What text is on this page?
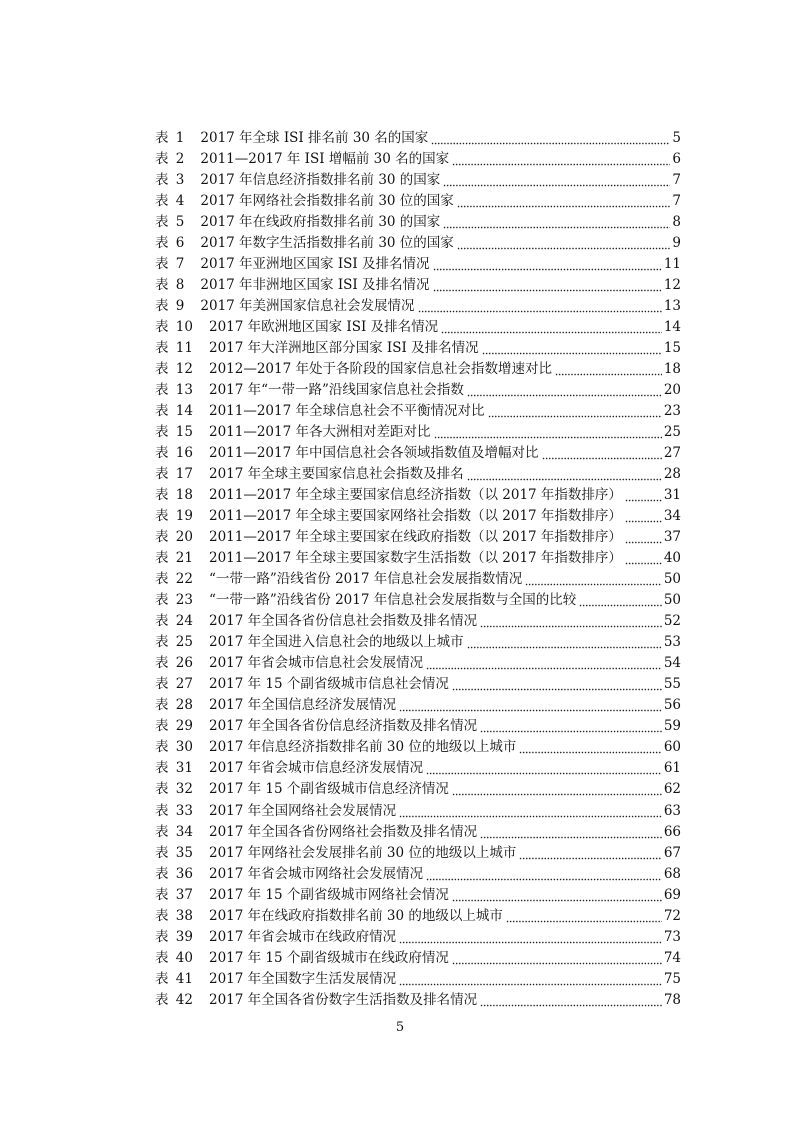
表 1 2017 年全球 ISI 排名前 30 名的国家	5
表 2 2011—2017 年 ISI 增幅前 30 名的国家	6
表 3 2017 年信息经济指数排名前 30 的国家	7
表 4 2017 年网络社会指数排名前 30 位的国家	7
表 5 2017 年在线政府指数排名前 30 的国家	8
表 6 2017 年数字生活指数排名前 30 位的国家	9
表 7 2017 年亚洲地区国家 ISI 及排名情况	11
表 8 2017 年非洲地区国家 ISI 及排名情况	12
表 9 2017 年美洲国家信息社会发展情况	13
表 10 2017 年欧洲地区国家 ISI 及排名情况	14
表 11 2017 年大洋洲地区部分国家 ISI 及排名情况	15
表 12 2012—2017 年处于各阶段的国家信息社会指数增速对比	18
表 13 2017 年“一带一路”沿线国家信息社会指数	20
表 14 2011—2017 年全球信息社会不平衡情况对比	23
表 15 2011—2017 年各大洲相对差距对比	25
表 16 2011—2017 年中国信息社会各领域指数值及增幅对比	27
表 17 2017 年全球主要国家信息社会指数及排名	28
表 18 2011—2017 年全球主要国家信息经济指数（以 2017 年指数排序）	31
表 19 2011—2017 年全球主要国家网络社会指数（以 2017 年指数排序）	34
表 20 2011—2017 年全球主要国家在线政府指数（以 2017 年指数排序）	37
表 21 2011—2017 年全球主要国家数字生活指数（以 2017 年指数排序）	40
表 22 “一带一路”沿线省份 2017 年信息社会发展指数情况	50
表 23 “一带一路”沿线省份 2017 年信息社会发展指数与全国的比较	50
表 24 2017 年全国各省份信息社会指数及排名情况	52
表 25 2017 年全国进入信息社会的地级以上城市	53
表 26 2017 年省会城市信息社会发展情况	54
表 27 2017 年 15 个副省级城市信息社会情况	55
表 28 2017 年全国信息经济发展情况	56
表 29 2017 年全国各省份信息经济指数及排名情况	59
表 30 2017 年信息经济指数排名前 30 位的地级以上城市	60
表 31 2017 年省会城市信息经济发展情况	61
表 32 2017 年 15 个副省级城市信息经济情况	62
表 33 2017 年全国网络社会发展情况	63
表 34 2017 年全国各省份网络社会指数及排名情况	66
表 35 2017 年网络社会发展排名前 30 位的地级以上城市	67
表 36 2017 年省会城市网络社会发展情况	68
表 37 2017 年 15 个副省级城市网络社会情况	69
表 38 2017 年在线政府指数排名前 30 的地级以上城市	72
表 39 2017 年省会城市在线政府情况	73
表 40 2017 年 15 个副省级城市在线政府情况	74
表 41 2017 年全国数字生活发展情况	75
表 42 2017 年全国各省份数字生活指数及排名情况	78
5
